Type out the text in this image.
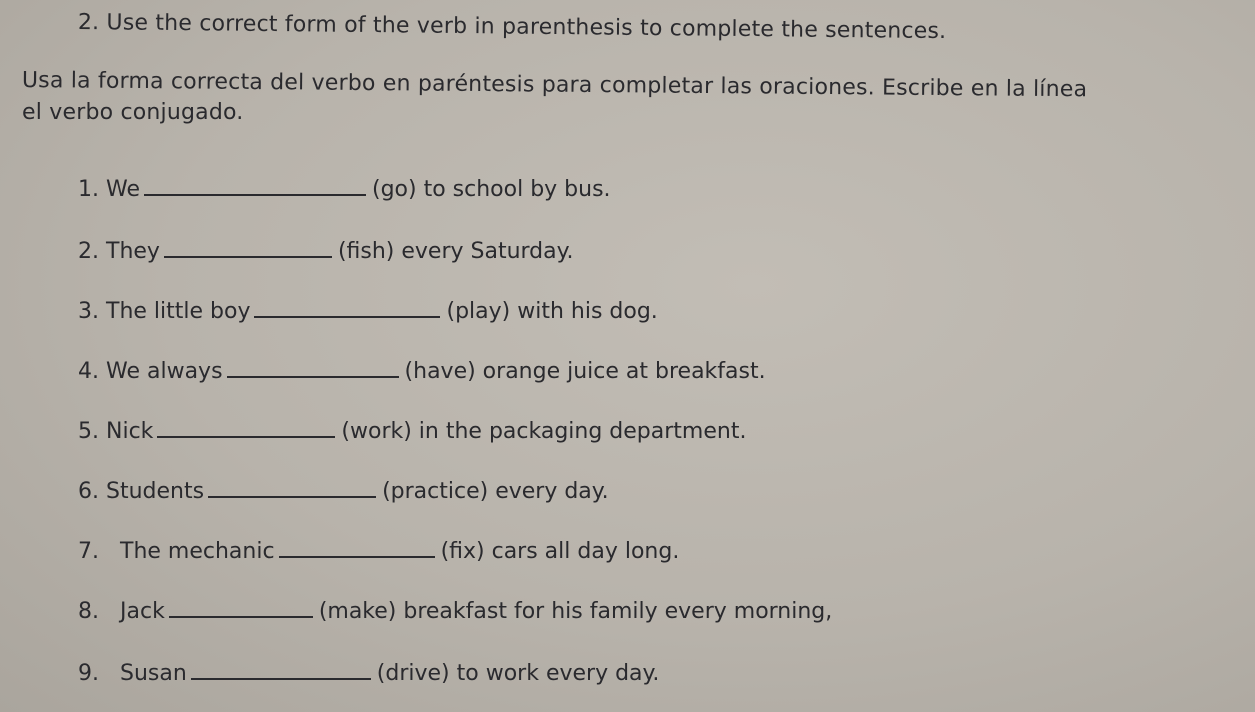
2. Use the correct form of the verb in parenthesis to complete the sentences.
Usa la forma correcta del verbo en paréntesis para completar las oraciones. Escribe en la línea
el verbo conjugado.
1. We	(go) to school by bus.
2. They	(fish) every Saturday.
3. The little boy	(play) with his dog.
4. We always	(have) orange juice at breakfast.
5. Nick	(work) in the packaging department.
6. Students	(practice) every day.
7. The mechanic	(fix) cars all day long.
8. Jack	(make) breakfast for his family every morning,
9. Susan	(drive) to work every day.
